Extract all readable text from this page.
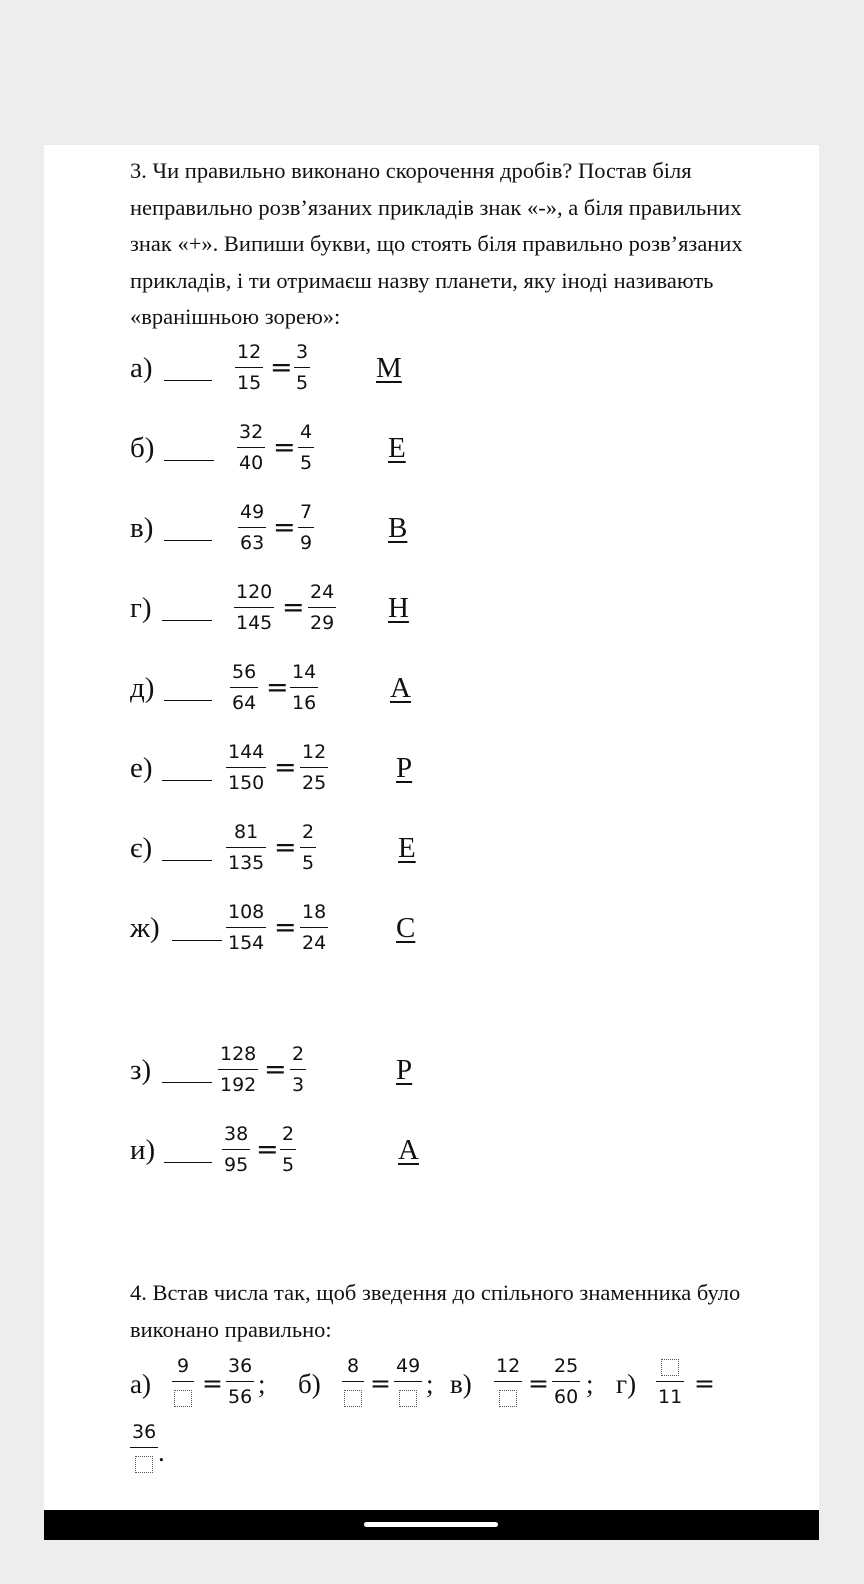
3. Чи правильно виконано скорочення дробів? Постав біля неправильно розв’язаних прикладів знак «-», а біля правильних знак «+». Випиши букви, що стоять біля правильно розв’язаних прикладів, і ти отримаєш назву планети, яку іноді називають «вранішньою зорею»:
а)	$\frac{12}{15} = \frac{3}{5}$ М
б)	$\frac{32}{40} = \frac{4}{5}$	Е
в)	$\frac{49}{63} = \frac{7}{9}$	В
г)	$\frac{120}{145} = \frac{24}{29}$ Н
д)	$\frac{56}{64} = \frac{14}{16}$ А
е)	$\frac{144}{150} = \frac{12}{25}$ Р
є)	$\frac{81}{135} = \frac{2}{5}$	Е
ж)	$\frac{108}{154} = \frac{18}{24}$ С
з)	$\frac{128}{192} = \frac{2}{3}$	Р
и)	$\frac{38}{95} = \frac{2}{5}$	А
4. Встав числа так, щоб зведення до спільного знаменника було виконано правильно:
а)
9
= $\frac{36}{56}$ ; б)
8
=
49
; в)
12
= $\frac{25}{60}$ ; г) 11 =
36
.
